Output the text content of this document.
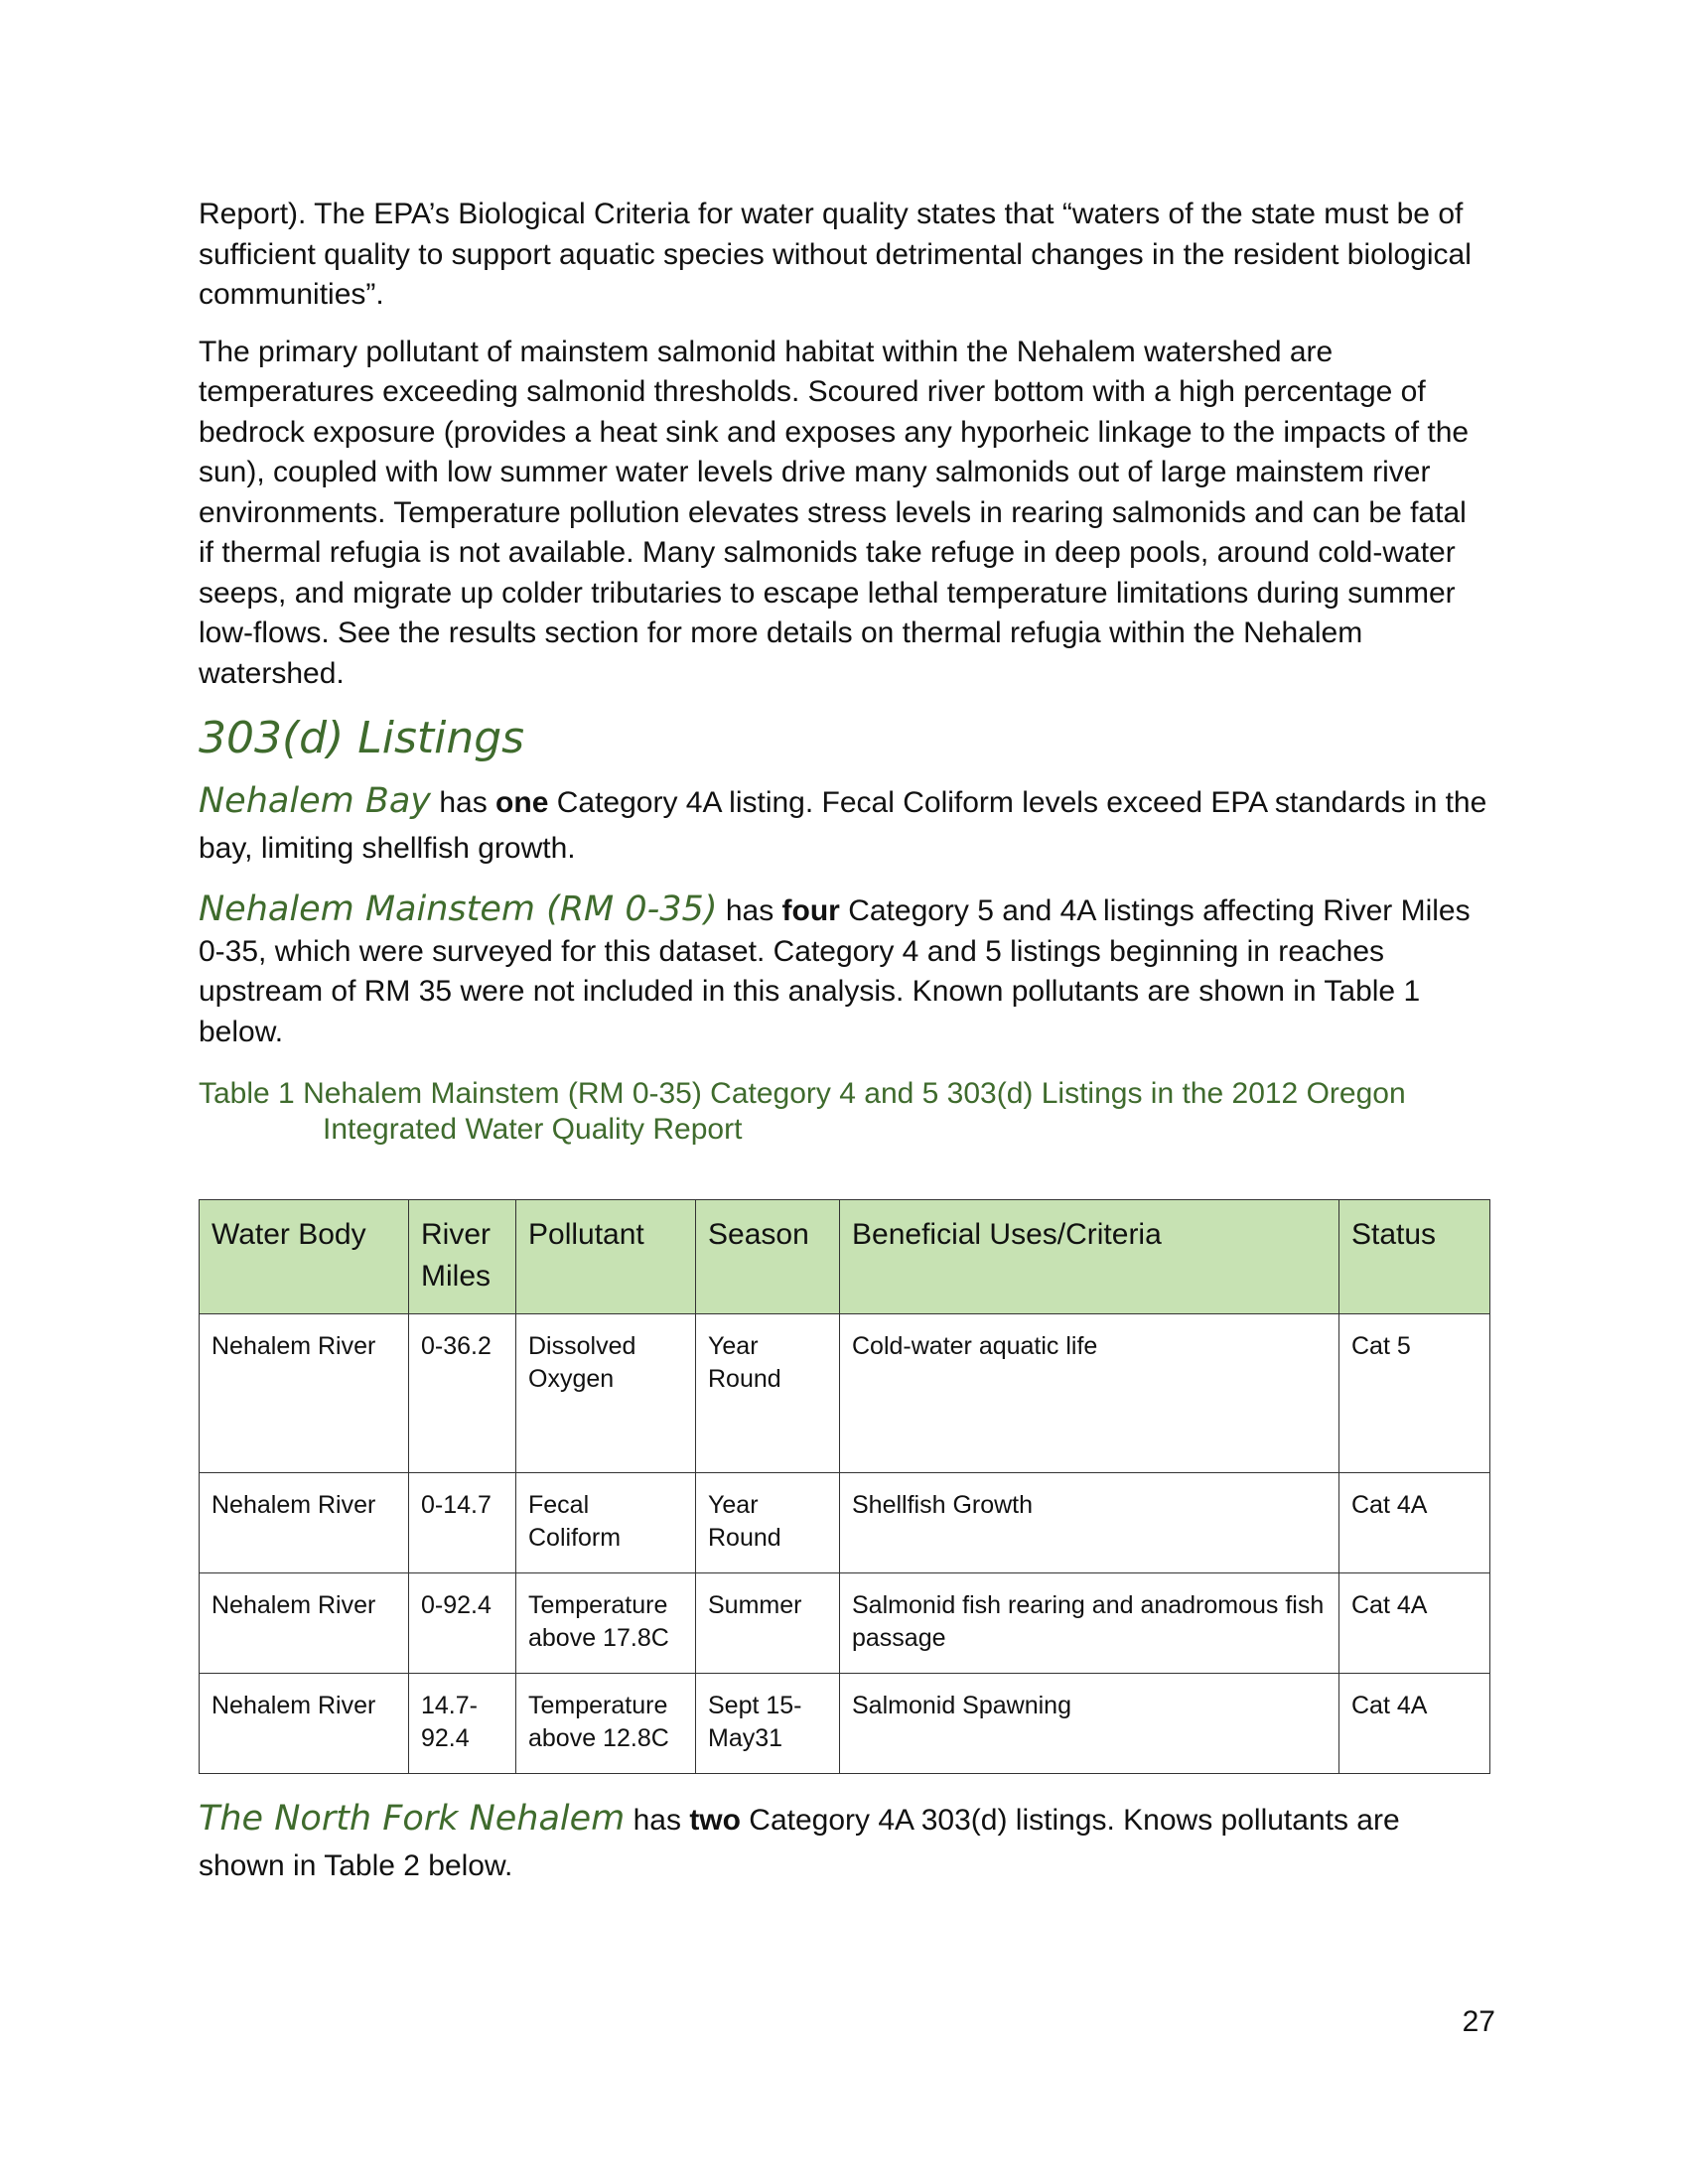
Report). The EPA’s Biological Criteria for water quality states that “waters of the state must be of sufficient quality to support aquatic species without detrimental changes in the resident biological communities”.

The primary pollutant of mainstem salmonid habitat within the Nehalem watershed are temperatures exceeding salmonid thresholds. Scoured river bottom with a high percentage of bedrock exposure (provides a heat sink and exposes any hyporheic linkage to the impacts of the sun), coupled with low summer water levels drive many salmonids out of large mainstem river environments. Temperature pollution elevates stress levels in rearing salmonids and can be fatal if thermal refugia is not available. Many salmonids take refuge in deep pools, around cold-water seeps, and migrate up colder tributaries to escape lethal temperature limitations during summer low-flows. See the results section for more details on thermal refugia within the Nehalem watershed.

303(d) Listings

Nehalem Bay has one Category 4A listing. Fecal Coliform levels exceed EPA standards in the bay, limiting shellfish growth.

Nehalem Mainstem (RM 0-35) has four Category 5 and 4A listings affecting River Miles 0-35, which were surveyed for this dataset. Category 4 and 5 listings beginning in reaches upstream of RM 35 were not included in this analysis. Known pollutants are shown in Table 1 below.

Table 1 Nehalem Mainstem (RM 0-35) Category 4 and 5 303(d) Listings in the 2012 Oregon Integrated Water Quality Report

Water Body	River Miles	Pollutant	Season	Beneficial Uses/Criteria	Status
Nehalem River	0-36.2	Dissolved Oxygen	Year Round	Cold-water aquatic life	Cat 5
Nehalem River	0-14.7	Fecal Coliform	Year Round	Shellfish Growth	Cat 4A
Nehalem River	0-92.4	Temperature above 17.8C	Summer	Salmonid fish rearing and anadromous fish passage	Cat 4A
Nehalem River	14.7-92.4	Temperature above 12.8C	Sept 15-May31	Salmonid Spawning	Cat 4A

The North Fork Nehalem has two Category 4A 303(d) listings. Knows pollutants are shown in Table 2 below.

27
